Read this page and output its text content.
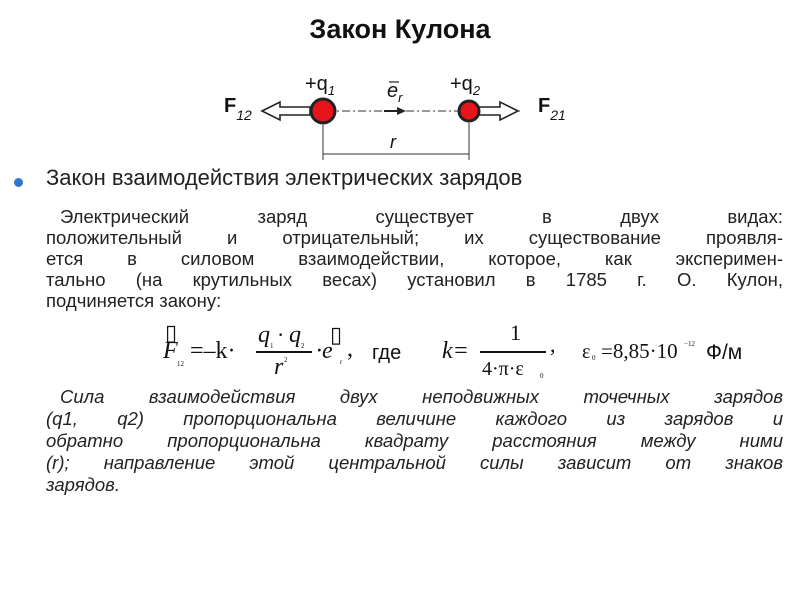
Закон Кулона
$+q_1$	$+q_2$
$F_{12}$	$F_{21}$
$e_r$
r
Закон взаимодействия электрических зарядов
Электрический заряд существует в двух видах:
положительный и отрицательный; их существование проявля-
ется в силовом взаимодействии, которое, как эксперимен-
тально (на крутильных весах) установил в 1785 г. О. Кулон,
подчиняется закону:
▯
F 12 =–k·
q 1 · q 2
r 2
▯
·e r , где k=
1
4·π·ε 0
, ε 0 =8,85·10 −12 Ф/м
Сила взаимодействия двух неподвижных точечных зарядов
(q1, q2) пропорциональна величине каждого из зарядов и
обратно пропорциональна квадрату расстояния между ними
(r); направление этой центральной силы зависит от знаков
зарядов.
